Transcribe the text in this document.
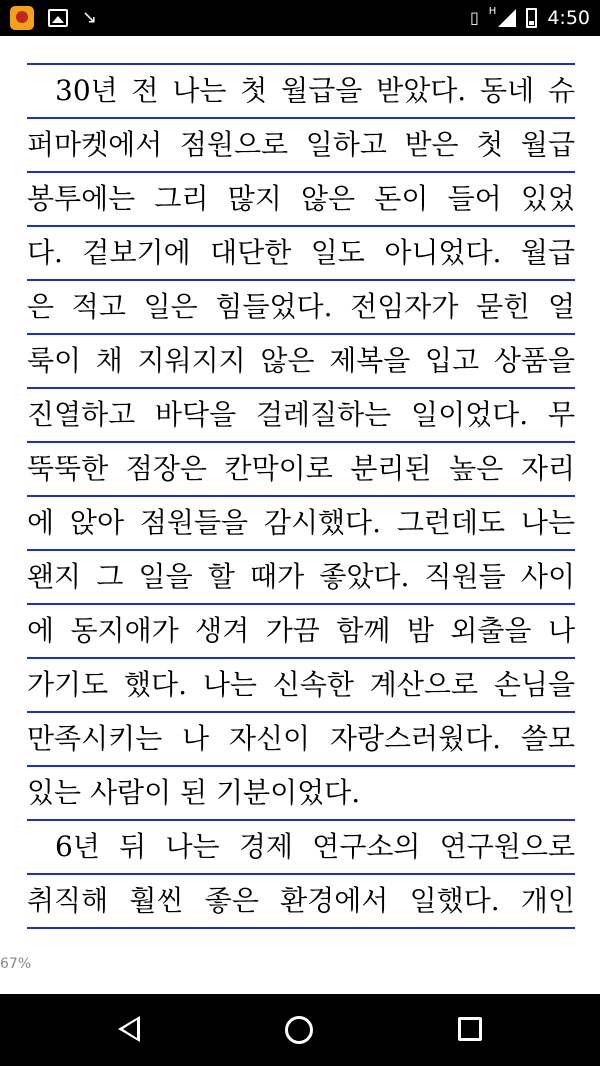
↘	▯ H	4:50
30년 전 나는 첫 월급을 받았다. 동네 슈
퍼마켓에서 점원으로 일하고 받은 첫 월급
봉투에는 그리 많지 않은 돈이 들어 있었
다. 겉보기에 대단한 일도 아니었다. 월급
은 적고 일은 힘들었다. 전임자가 묻힌 얼
룩이 채 지워지지 않은 제복을 입고 상품을
진열하고 바닥을 걸레질하는 일이었다. 무
뚝뚝한 점장은 칸막이로 분리된 높은 자리
에 앉아 점원들을 감시했다. 그런데도 나는
왠지 그 일을 할 때가 좋았다. 직원들 사이
에 동지애가 생겨 가끔 함께 밤 외출을 나
가기도 했다. 나는 신속한 계산으로 손님을
만족시키는 나 자신이 자랑스러웠다. 쓸모
있는 사람이 된 기분이었다.
6년 뒤 나는 경제 연구소의 연구원으로
취직해 훨씬 좋은 환경에서 일했다. 개인
67%
